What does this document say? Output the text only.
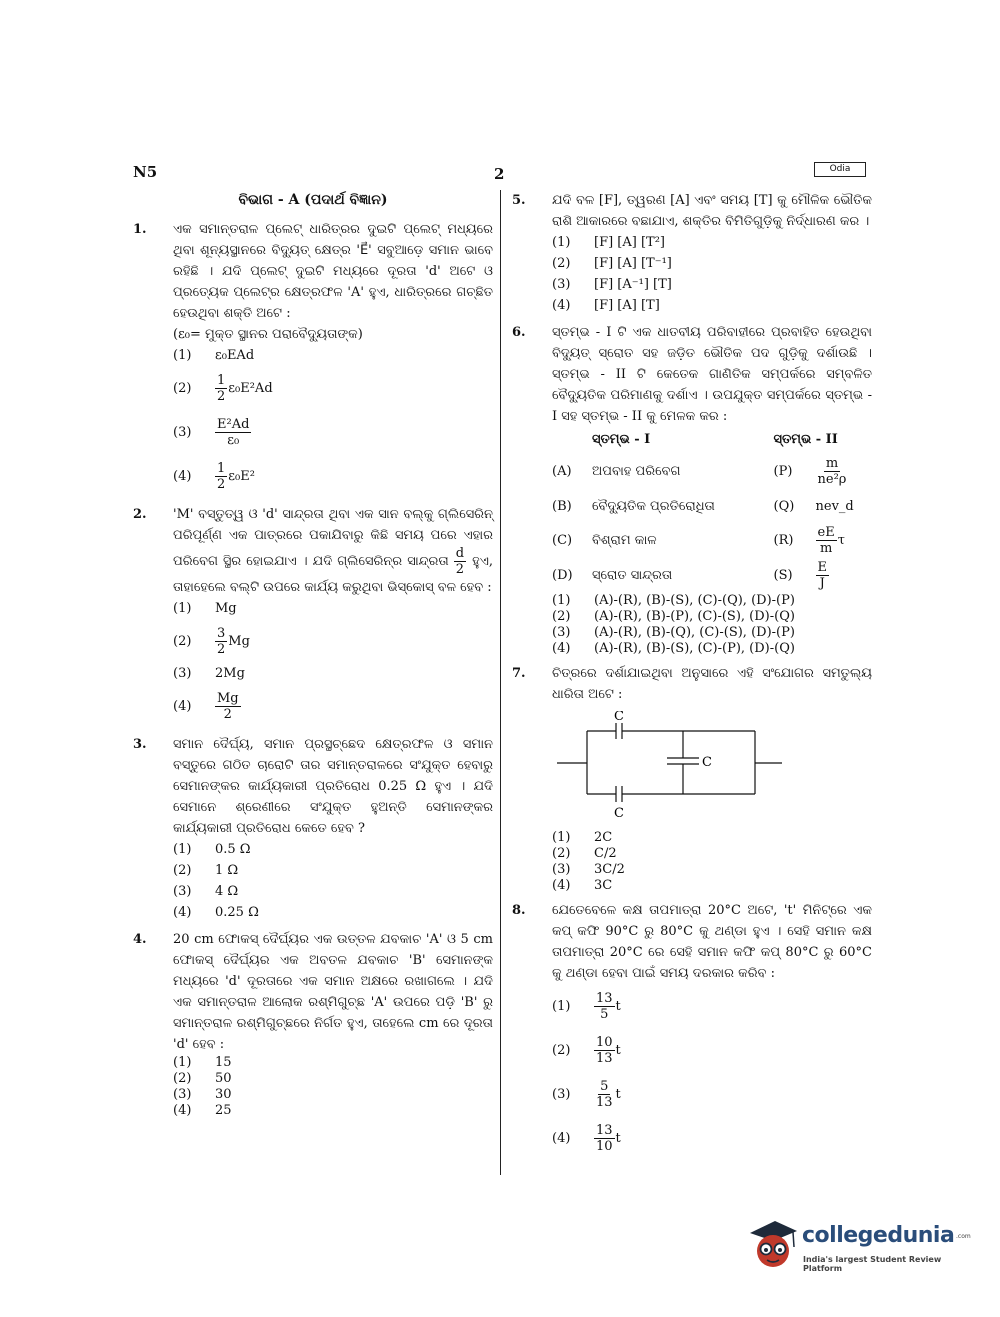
N5	2	Odia
ବିଭାଗ - A (ପଦାର୍ଥ ବିଜ୍ଞାନ)
1. ଏକ ସମାନ୍ତରାଳ ପ୍ଲେଟ୍ ଧାରିତ୍ରର ଦୁଇଟି ପ୍ଲେଟ୍ ମଧ୍ୟରେ ଥିବା ଶୂନ୍ୟସ୍ଥାନରେ ବିଦ୍ୟୁତ୍ କ୍ଷେତ୍ର 'E⃗' ସବୁଆଡ଼େ ସମାନ ଭାବେ ରହିଛି । ଯଦି ପ୍ଲେଟ୍ ଦୁଇଟି ମଧ୍ୟରେ ଦୂରତା 'd' ଅଟେ ଓ ପ୍ରତ୍ୟେକ ପ୍ଲେଟ୍‌ର କ୍ଷେତ୍ରଫଳ 'A' ହୁଏ, ଧାରିତ୍ରରେ ଗଚ୍ଛିତ ହେଉଥିବା ଶକ୍ତି ଅଟେ :
(ε₀= ମୁକ୍ତ ସ୍ଥାନର ପରାବୈଦ୍ୟୁତାଙ୍କ)
(1)	ε₀EAd
(2)	$\frac{1}{2} \varepsilon_0E^2Ad$
(3)	$\frac{\text{E²Ad}}{\text{ε₀}}$
(4)	$\frac{1}{2} \varepsilon_0E^2$
2. 'M' ବସ୍ତୁତ୍ୱ ଓ 'd' ସାନ୍ଦ୍ରତା ଥିବା ଏକ ସାନ ବଲ୍‌କୁ ଗ୍ଲିସେରିନ୍ ପରିପୂର୍ଣ୍ଣ ଏକ ପାତ୍ରରେ ପକାଯିବାରୁ କିଛି ସମୟ ପରେ ଏହାର ପରିବେଗ ସ୍ଥିର ହୋଇଯାଏ । ଯଦି ଗ୍ଲିସେରିନ୍‌ର ସାନ୍ଦ୍ରତା $\frac{d}{2}$ ହୁଏ, ତାହାହେଲେ ବଲ୍‌ଟି ଉପରେ କାର୍ଯ୍ୟ କରୁଥିବା ଭିସ୍‌କୋସ୍ ବଳ ହେବ :
(1)	Mg
(2)	$\frac{3}{2}$ Mg
(3)	2Mg
(4)	$\frac{Mg}{2}$
3. ସମାନ ଦୈର୍ଘ୍ୟ, ସମାନ ପ୍ରସ୍ଥଚ୍ଛେଦ କ୍ଷେତ୍ରଫଳ ଓ ସମାନ ବସ୍ତୁରେ ଗଠିତ ଚାରୋଟି ତାର ସମାନ୍ତରାଳରେ ସଂଯୁକ୍ତ ହେବାରୁ ସେମାନଙ୍କର କାର୍ଯ୍ୟକାରୀ ପ୍ରତିରୋଧ 0.25 Ω ହୁଏ । ଯଦି ସେମାନେ ଶ୍ରେଣୀରେ ସଂଯୁକ୍ତ ହୁଅନ୍ତି ସେମାନଙ୍କର କାର୍ଯ୍ୟକାରୀ ପ୍ରତିରୋଧ କେତେ ହେବ ?
(1)	0.5 Ω
(2)	1 Ω
(3)	4 Ω
(4)	0.25 Ω
4. 20 cm ଫୋକସ୍ ଦୈର୍ଘ୍ୟର ଏକ ଉତ୍ତଳ ଯବକାଚ 'A' ଓ 5 cm ଫୋକସ୍ ଦୈର୍ଘ୍ୟର ଏକ ଅବତଳ ଯବକାଚ 'B' ସେମାନଙ୍କ ମଧ୍ୟରେ 'd' ଦୂରତାରେ ଏକ ସମାନ ଅକ୍ଷରେ ରଖାଗଲେ । ଯଦି ଏକ ସମାନ୍ତରାଳ ଆଲୋକ ରଶ୍ମିଗୁଚ୍ଛ 'A' ଉପରେ ପଡ଼ି 'B' ରୁ ସମାନ୍ତରାଳ ରଶ୍ମିଗୁଚ୍ଛରେ ନିର୍ଗତ ହୁଏ, ତାହେଲେ cm ରେ ଦୂରତା 'd' ହେବ :
(1)	15
(2)	50
(3)	30
(4)	25
5. ଯଦି ବଳ [F], ତ୍ୱରଣ [A] ଏବଂ ସମୟ [T] କୁ ମୌଳିକ ଭୌତିକ ରାଶି ଆକାରରେ ବଛାଯାଏ, ଶକ୍ତିର ବିମିତିଗୁଡ଼ିକୁ ନିର୍ଦ୍ଧାରଣ କର ।
(1)	[F] [A] [T²]
(2)	[F] [A] [T⁻¹]
(3)	[F] [A⁻¹] [T]
(4)	[F] [A] [T]
6. ସ୍ତମ୍ଭ - I ଟି ଏକ ଧାତବୀୟ ପରିବାହୀରେ ପ୍ରବାହିତ ହେଉଥିବା ବିଦ୍ୟୁତ୍ ସ୍ରୋତ ସହ ଜଡ଼ିତ ଭୌତିକ ପଦ ଗୁଡ଼ିକୁ ଦର୍ଶାଉଛି । ସ୍ତମ୍ଭ - II ଟି କେତେକ ଗାଣିତିକ ସମ୍ପର୍କରେ ସମ୍ବଳିତ ବୈଦ୍ୟୁତିକ ପରିମାଣକୁ ଦର୍ଶାଏ । ଉପଯୁକ୍ତ ସମ୍ପର୍କରେ ସ୍ତମ୍ଭ - I ସହ ସ୍ତମ୍ଭ - II କୁ ମେଳକ କର :
	ସ୍ତମ୍ଭ - I	ସ୍ତମ୍ଭ - II	
(A)	ଅପବାହ ପରିବେଗ	(P)	$\frac{m}{\text{ne²ρ}}$

(B)	ବୈଦ୍ୟୁତିକ ପ୍ରତିରୋଧିତା	(Q)	nev_d
(C)	ବିଶ୍ରାମ କାଳ	(R)	$\frac{eE}{m}$ τ
(D)	ସ୍ରୋତ ସାନ୍ଦ୍ରତା	(S)	$\frac{E}{J}$
(1)	(A)-(R), (B)-(S), (C)-(Q), (D)-(P)
(2)	(A)-(R), (B)-(P), (C)-(S), (D)-(Q)
(3)	(A)-(R), (B)-(Q), (C)-(S), (D)-(P)
(4)	(A)-(R), (B)-(S), (C)-(P), (D)-(Q)
7. ଚିତ୍ରରେ ଦର୍ଶାଯାଇଥିବା ଅନୁସାରେ ଏହି ସଂଯୋଗର ସମତୁଲ୍ୟ ଧାରିତା ଅଟେ :
C
C
C
(1)	2C
(2)	C/2
(3)	3C/2
(4)	3C
8. ଯେତେବେଳେ କକ୍ଷ ତାପମାତ୍ରା 20°C ଅଟେ, 't' ମିନିଟ୍‌ରେ ଏକ କପ୍ କଫି 90°C ରୁ 80°C କୁ ଥଣ୍ଡା ହୁଏ । ସେହି ସମାନ କକ୍ଷ ତାପମାତ୍ରା 20°C ରେ ସେହି ସମାନ କଫି କପ୍ 80°C ରୁ 60°C କୁ ଥଣ୍ଡା ହେବା ପାଇଁ ସମୟ ଦରକାର କରିବ :
(1)	$\frac{13}{5}$ t
(2)	$\frac{10}{13}$ t
(3)	$\frac{5}{13}$ t
(4)	$\frac{13}{10}$ t
collegedunia .com
India's largest Student Review Platform
